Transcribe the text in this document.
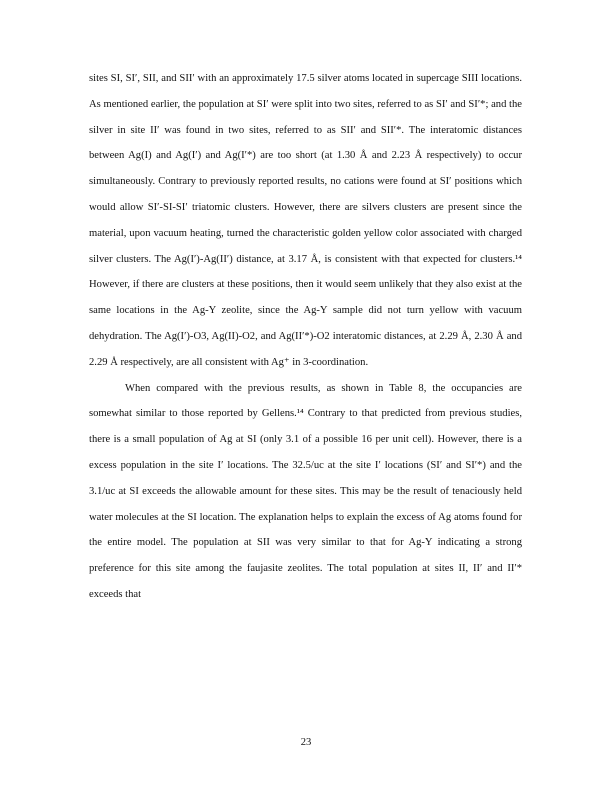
sites SI, SI′, SII, and SII′ with an approximately 17.5 silver atoms located in supercage SIII locations. As mentioned earlier, the population at SI′ were split into two sites, referred to as SI′ and SI′*; and the silver in site II′ was found in two sites, referred to as SII′ and SII′*. The interatomic distances between Ag(I) and Ag(I′) and Ag(I′*) are too short (at 1.30 Å and 2.23 Å respectively) to occur simultaneously. Contrary to previously reported results, no cations were found at SI′ positions which would allow SI′-SI-SI′ triatomic clusters. However, there are silvers clusters are present since the material, upon vacuum heating, turned the characteristic golden yellow color associated with charged silver clusters. The Ag(I′)-Ag(II′) distance, at 3.17 Å, is consistent with that expected for clusters.¹⁴ However, if there are clusters at these positions, then it would seem unlikely that they also exist at the same locations in the Ag-Y zeolite, since the Ag-Y sample did not turn yellow with vacuum dehydration. The Ag(I′)-O3, Ag(II)-O2, and Ag(II′*)-O2 interatomic distances, at 2.29 Å, 2.30 Å and 2.29 Å respectively, are all consistent with Ag⁺ in 3-coordination.

When compared with the previous results, as shown in Table 8, the occupancies are somewhat similar to those reported by Gellens.¹⁴ Contrary to that predicted from previous studies, there is a small population of Ag at SI (only 3.1 of a possible 16 per unit cell). However, there is a excess population in the site I′ locations. The 32.5/uc at the site I′ locations (SI′ and SI′*) and the 3.1/uc at SI exceeds the allowable amount for these sites. This may be the result of tenaciously held water molecules at the SI location. The explanation helps to explain the excess of Ag atoms found for the entire model. The population at SII was very similar to that for Ag-Y indicating a strong preference for this site among the faujasite zeolites. The total population at sites II, II′ and II′* exceeds that

23
